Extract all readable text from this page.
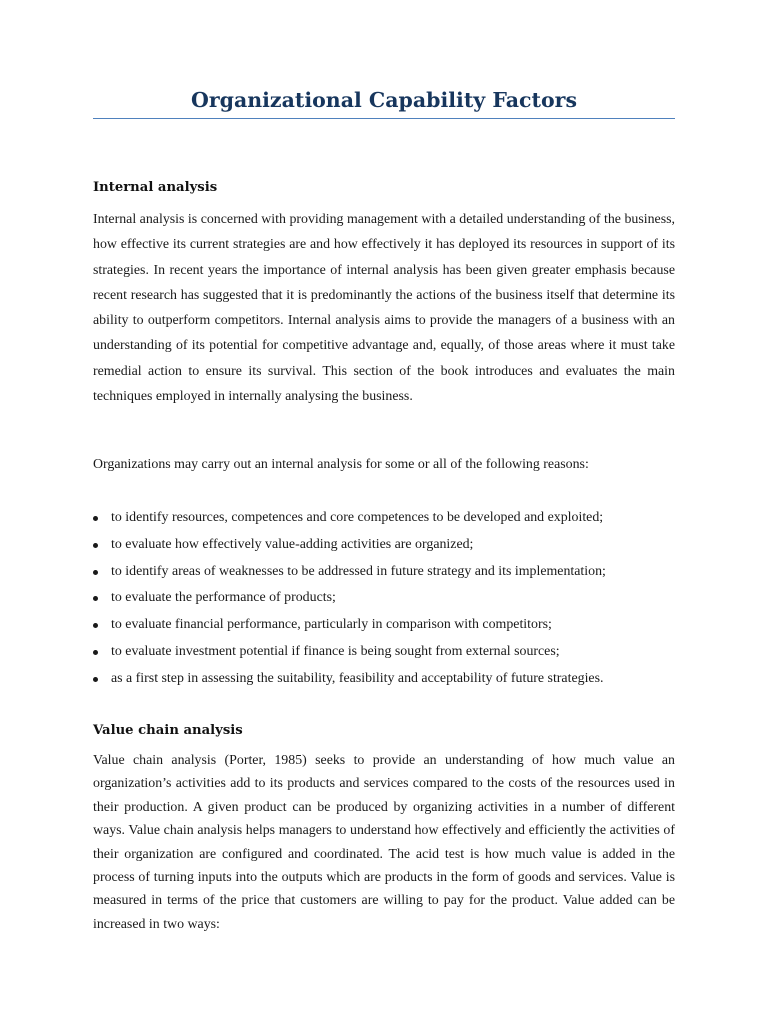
Organizational Capability Factors
Internal analysis

Internal analysis is concerned with providing management with a detailed understanding of the business, how effective its current strategies are and how effectively it has deployed its resources in support of its strategies. In recent years the importance of internal analysis has been given greater emphasis because recent research has suggested that it is predominantly the actions of the business itself that determine its ability to outperform competitors. Internal analysis aims to provide the managers of a business with an understanding of its potential for competitive advantage and, equally, of those areas where it must take remedial action to ensure its survival. This section of the book introduces and evaluates the main techniques employed in internally analysing the business.

Organizations may carry out an internal analysis for some or all of the following reasons:

to identify resources, competences and core competences to be developed and exploited;
to evaluate how effectively value-adding activities are organized;
to identify areas of weaknesses to be addressed in future strategy and its implementation;
to evaluate the performance of products;
to evaluate financial performance, particularly in comparison with competitors;
to evaluate investment potential if finance is being sought from external sources;
as a first step in assessing the suitability, feasibility and acceptability of future strategies.
Value chain analysis

Value chain analysis (Porter, 1985) seeks to provide an understanding of how much value an organization’s activities add to its products and services compared to the costs of the resources used in their production. A given product can be produced by organizing activities in a number of different ways. Value chain analysis helps managers to understand how effectively and efficiently the activities of their organization are configured and coordinated. The acid test is how much value is added in the process of turning inputs into the outputs which are products in the form of goods and services. Value is measured in terms of the price that customers are willing to pay for the product. Value added can be increased in two ways:
